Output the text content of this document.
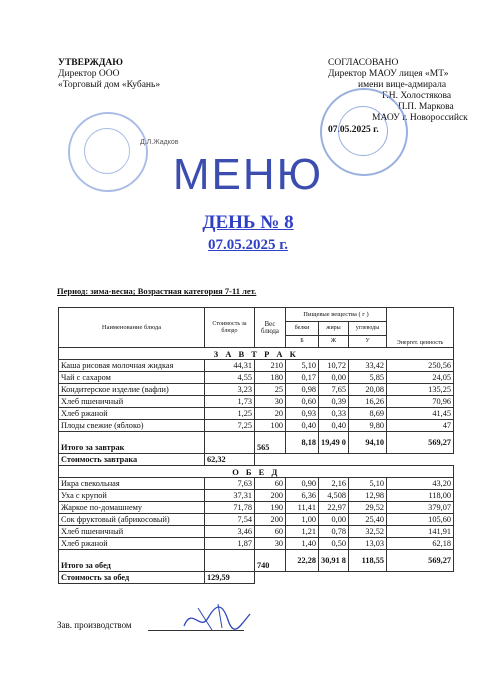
УТВЕРЖДАЮ
Директор ООО
«Торговый дом «Кубань»
Д.Л.Жадков
СОГЛАСОВАНО
Директор МАОУ лицея «МТ»
имени вице-адмирала
Г.Н. Холостякова
П.П. Маркова
МАОУ г. Новороссийск
07.05.2025 г.
МЕНЮ
ДЕНЬ № 8
07.05.2025 г.
Период: зима-весна; Возрастная категория 7-11 лет.
Наименование блюда	Стоимость за блюдо	Вес блюда	Пищевые вещества ( г )			Энергет. ценность
			белки	жиры	углеводы	
			Б	Ж	У	
З А В Т Р А К						
Каша рисовая молочная жидкая	44,31	210	5,10	10,72	33,42	250,56
Чай с сахаром	4,55	180	0,17	0,00	5,85	24,05
Кондитерское изделие (вафли)	3,23	25	0,98	7,65	20,08	135,25
Хлеб пшеничный	1,73	30	0,60	0,39	16,26	70,96
Хлеб ржаной	1,25	20	0,93	0,33	8,69	41,45
Плоды свежие (яблоко)	7,25	100	0,40	0,40	9,80	47
Итого за завтрак		565	8,18	19,49 0	94,10	569,27
Стоимость завтрака	62,32					
О Б Е Д						
Икра свекольная	7,63	60	0,90	2,16	5,10	43,20
Уха с крупой	37,31	200	6,36	4,508	12,98	118,00
Жаркое по-домашнему	71,78	190	11,41	22,97	29,52	379,07
Сок фруктовый (абрикосовый)	7,54	200	1,00	0,00	25,40	105,60
Хлеб пшеничный	3,46	60	1,21	0,78	32,52	141,91
Хлеб ржаной	1,87	30	1,40	0,50	13,03	62,18
Итого за обед		740	22,28	30,91 8	118,55	569,27
Стоимость за обед	129,59					
Зав. производством
